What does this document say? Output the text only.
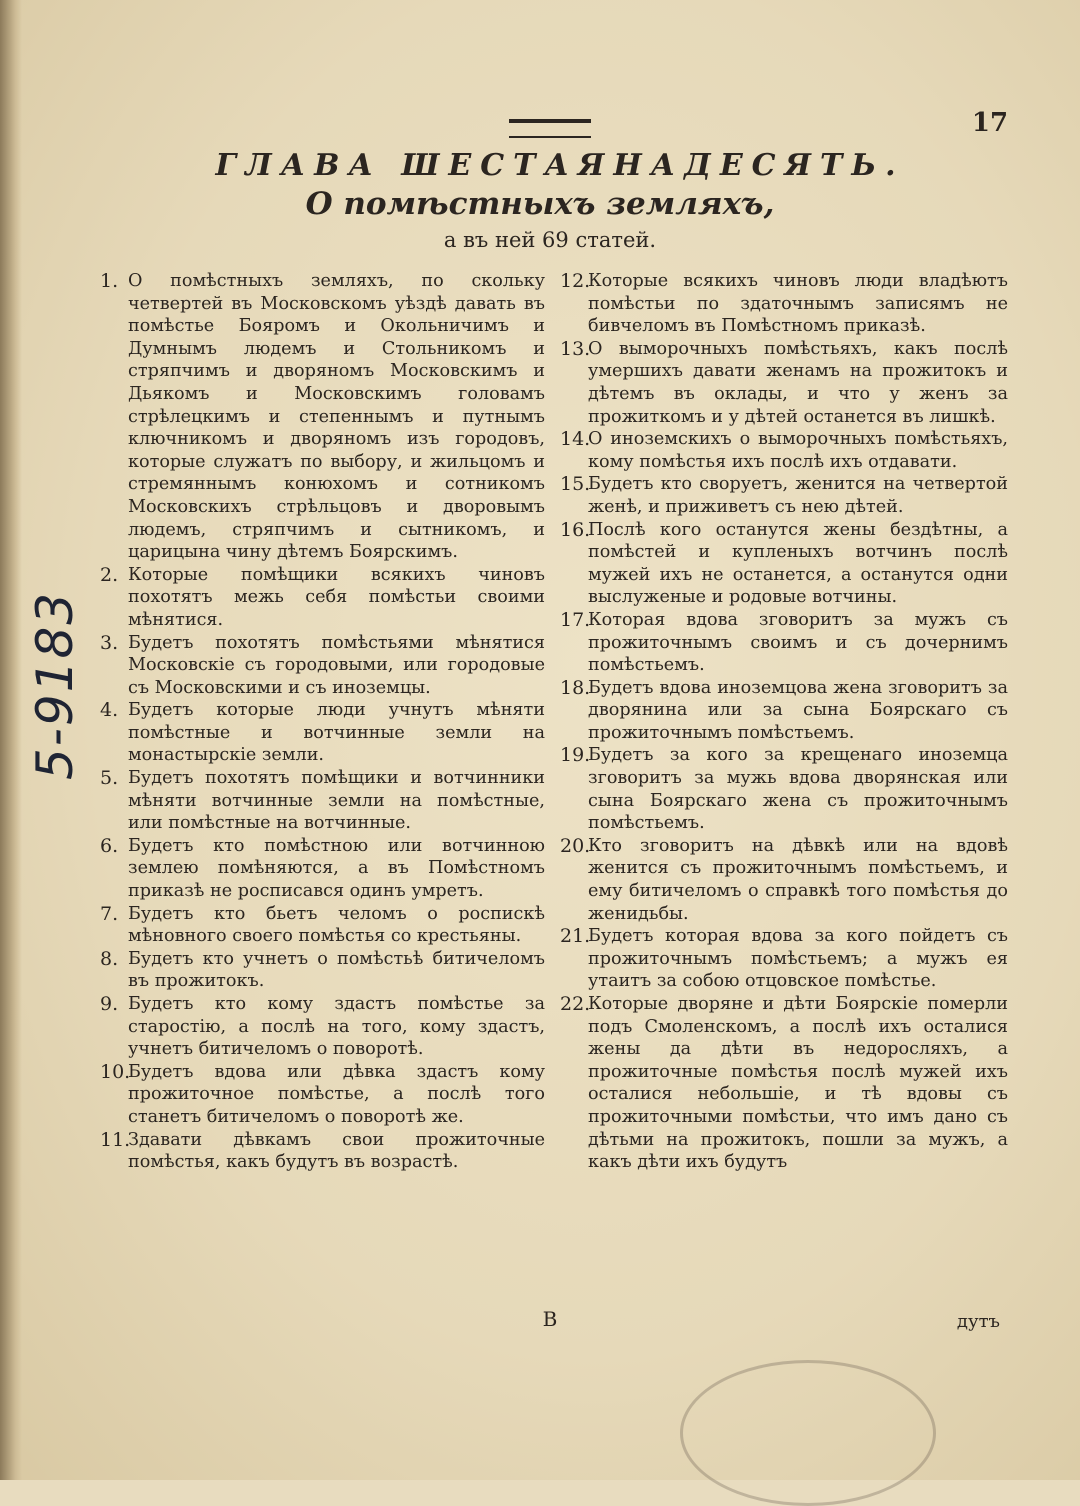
17
ГЛАВА ШЕСТАЯНАДЕСЯТЬ.
О помѣстныхъ земляхъ,
а въ ней 69 статей.
5-9183
1. О помѣстныхъ земляхъ, по скольку четвертей въ Московскомъ уѣздѣ давать въ помѣстье Бояромъ и Окольничимъ и Думнымъ людемъ и Стольникомъ и стряпчимъ и дворяномъ Московскимъ и Дьякомъ и Московскимъ головамъ стрѣлецкимъ и степеннымъ и путнымъ ключникомъ и дворяномъ изъ городовъ, которые служатъ по выбору, и жильцомъ и стремяннымъ конюхомъ и сотникомъ Московскихъ стрѣльцовъ и дворовымъ людемъ, стряпчимъ и сытникомъ, и царицына чину дѣтемъ Боярскимъ.
2. Которые помѣщики всякихъ чиновъ похотятъ межь себя помѣстьи своими мѣнятися.
3. Будетъ похотятъ помѣстьями мѣнятися Московскіе съ городовыми, или городовые съ Московскими и съ иноземцы.
4. Будетъ которые люди учнутъ мѣняти помѣстные и вотчинные земли на монастырскіе земли.
5. Будетъ похотятъ помѣщики и вотчинники мѣняти вотчинные земли на помѣстные, или помѣстные на вотчинные.
6. Будетъ кто помѣстною или вотчинною землею помѣняются, а въ Помѣстномъ приказѣ не росписався одинъ умретъ.
7. Будетъ кто бьетъ челомъ о роспискѣ мѣновного своего помѣстья со крестьяны.
8. Будетъ кто учнетъ о помѣстьѣ битичеломъ въ прожитокъ.
9. Будетъ кто кому здастъ помѣстье за старостію, а послѣ на того, кому здастъ, учнетъ битичеломъ о поворотѣ.
10.
Будетъ вдова или дѣвка здастъ кому прожиточное помѣстье, а послѣ того станетъ битичеломъ о поворотѣ же.
11.
Здавати дѣвкамъ свои прожиточные помѣстья, какъ будутъ въ возрастѣ.
12.
Которые всякихъ чиновъ люди владѣютъ помѣстьи по здаточнымъ записямъ не бивчеломъ въ Помѣстномъ приказѣ.
13.
О выморочныхъ помѣстьяхъ, какъ послѣ умершихъ давати женамъ на прожитокъ и дѣтемъ въ оклады, и что у женъ за прожиткомъ и у дѣтей останется въ лишкѣ.
14.
О иноземскихъ о выморочныхъ помѣстьяхъ, кому помѣстья ихъ послѣ ихъ отдавати.
15.
Будетъ кто своруетъ, женится на четвертой женѣ, и приживетъ съ нею дѣтей.
16.
Послѣ кого останутся жены бездѣтны, а помѣстей и купленыхъ вотчинъ послѣ мужей ихъ не останется, а останутся одни выслуженые и родовые вотчины.
17.
Которая вдова зговоритъ за мужъ съ прожиточнымъ своимъ и съ дочернимъ помѣстьемъ.
18.
Будетъ вдова иноземцова жена зговоритъ за дворянина или за сына Боярскаго съ прожиточнымъ помѣстьемъ.
19.
Будетъ за кого за крещенаго иноземца зговоритъ за мужь вдова дворянская или сына Боярскаго жена съ прожиточнымъ помѣстьемъ.
20.
Кто зговоритъ на дѣвкѣ или на вдовѣ женится съ прожиточнымъ помѣстьемъ, и ему битичеломъ о справкѣ того помѣстья до женидьбы.
21.
Будетъ которая вдова за кого пойдетъ съ прожиточнымъ помѣстьемъ; а мужъ ея утаитъ за собою отцовское помѣстье.
22.
Которые дворяне и дѣти Боярскіе померли подъ Смоленскомъ, а послѣ ихъ осталися жены да дѣти въ недоросляхъ, а прожиточные помѣстья послѣ мужей ихъ осталися небольшіе, и тѣ вдовы съ прожиточными помѣстьи, что имъ дано съ дѣтьми на прожитокъ, пошли за мужъ, а какъ дѣти ихъ будутъ
В	дутъ
